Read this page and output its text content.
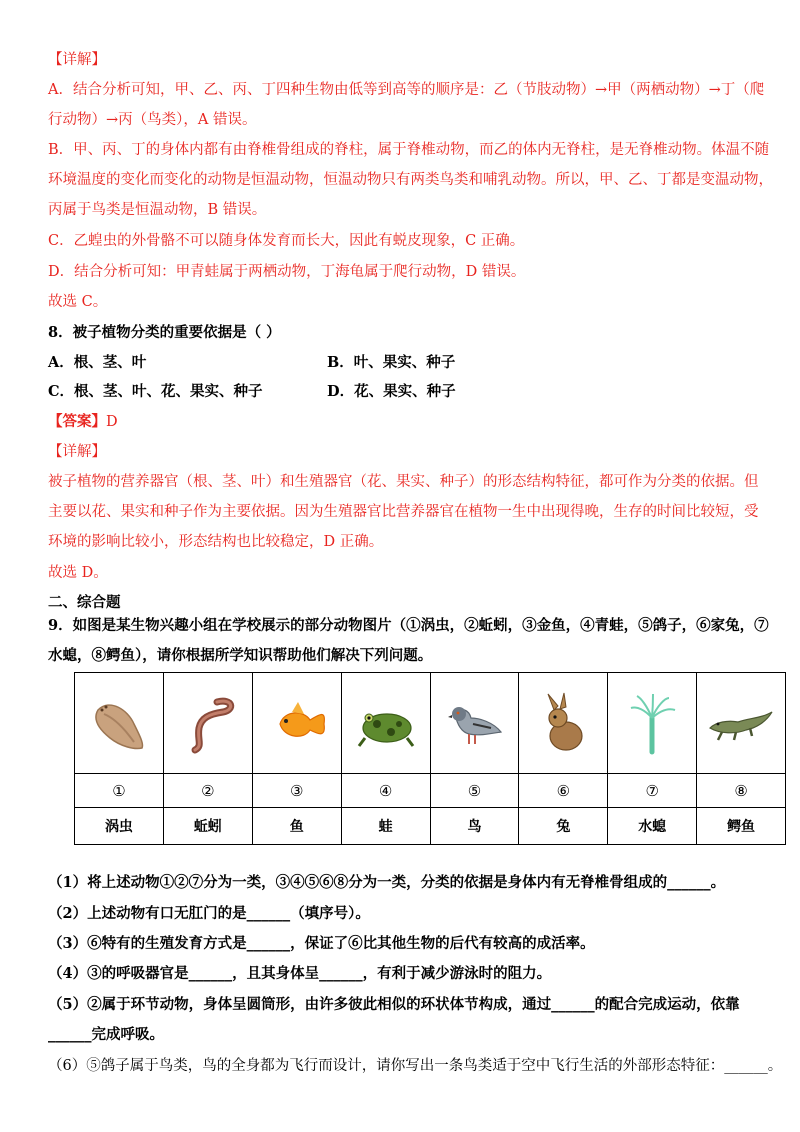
【详解】
A．结合分析可知，甲、乙、丙、丁四种生物由低等到高等的顺序是：乙（节肢动物）→甲（两栖动物）→丁（爬
行动物）→丙（鸟类），A 错误。
B．甲、丙、丁的身体内都有由脊椎骨组成的脊柱，属于脊椎动物，而乙的体内无脊柱，是无脊椎动物。体温不随
环境温度的变化而变化的动物是恒温动物，恒温动物只有两类鸟类和哺乳动物。所以，甲、乙、丁都是变温动物，
丙属于鸟类是恒温动物，B 错误。
C．乙蝗虫的外骨骼不可以随身体发育而长大，因此有蜕皮现象，C 正确。
D．结合分析可知：甲青蛙属于两栖动物，丁海龟属于爬行动物，D 错误。
故选 C。
8．被子植物分类的重要依据是（ ）
A．根、茎、叶	B．叶、果实、种子
C．根、茎、叶、花、果实、种子	D．花、果实、种子
【答案】D
【详解】
被子植物的营养器官（根、茎、叶）和生殖器官（花、果实、种子）的形态结构特征，都可作为分类的依据。但
主要以花、果实和种子作为主要依据。因为生殖器官比营养器官在植物一生中出现得晚，生存的时间比较短，受
环境的影响比较小，形态结构也比较稳定，D 正确。
故选 D。
二、综合题
9．如图是某生物兴趣小组在学校展示的部分动物图片（①涡虫，②蚯蚓，③金鱼，④青蛙，⑤鸽子，⑥家兔，⑦
水螅，⑧鳄鱼），请你根据所学知识帮助他们解决下列问题。

①	②	③	④	⑤	⑥	⑦	⑧
涡虫	蚯蚓	鱼	蛙	鸟	兔	水螅	鳄鱼
（1）将上述动物①②⑦分为一类，③④⑤⑥⑧分为一类，分类的依据是身体内有无脊椎骨组成的______。
（2）上述动物有口无肛门的是______（填序号）。
（3）⑥特有的生殖发育方式是______，保证了⑥比其他生物的后代有较高的成活率。
（4）③的呼吸器官是______，且其身体呈______，有利于减少游泳时的阻力。
（5）②属于环节动物，身体呈圆筒形，由许多彼此相似的环状体节构成，通过______的配合完成运动，依靠
______完成呼吸。
（6）⑤鸽子属于鸟类，鸟的全身都为飞行而设计，请你写出一条鸟类适于空中飞行生活的外部形态特征：______。
